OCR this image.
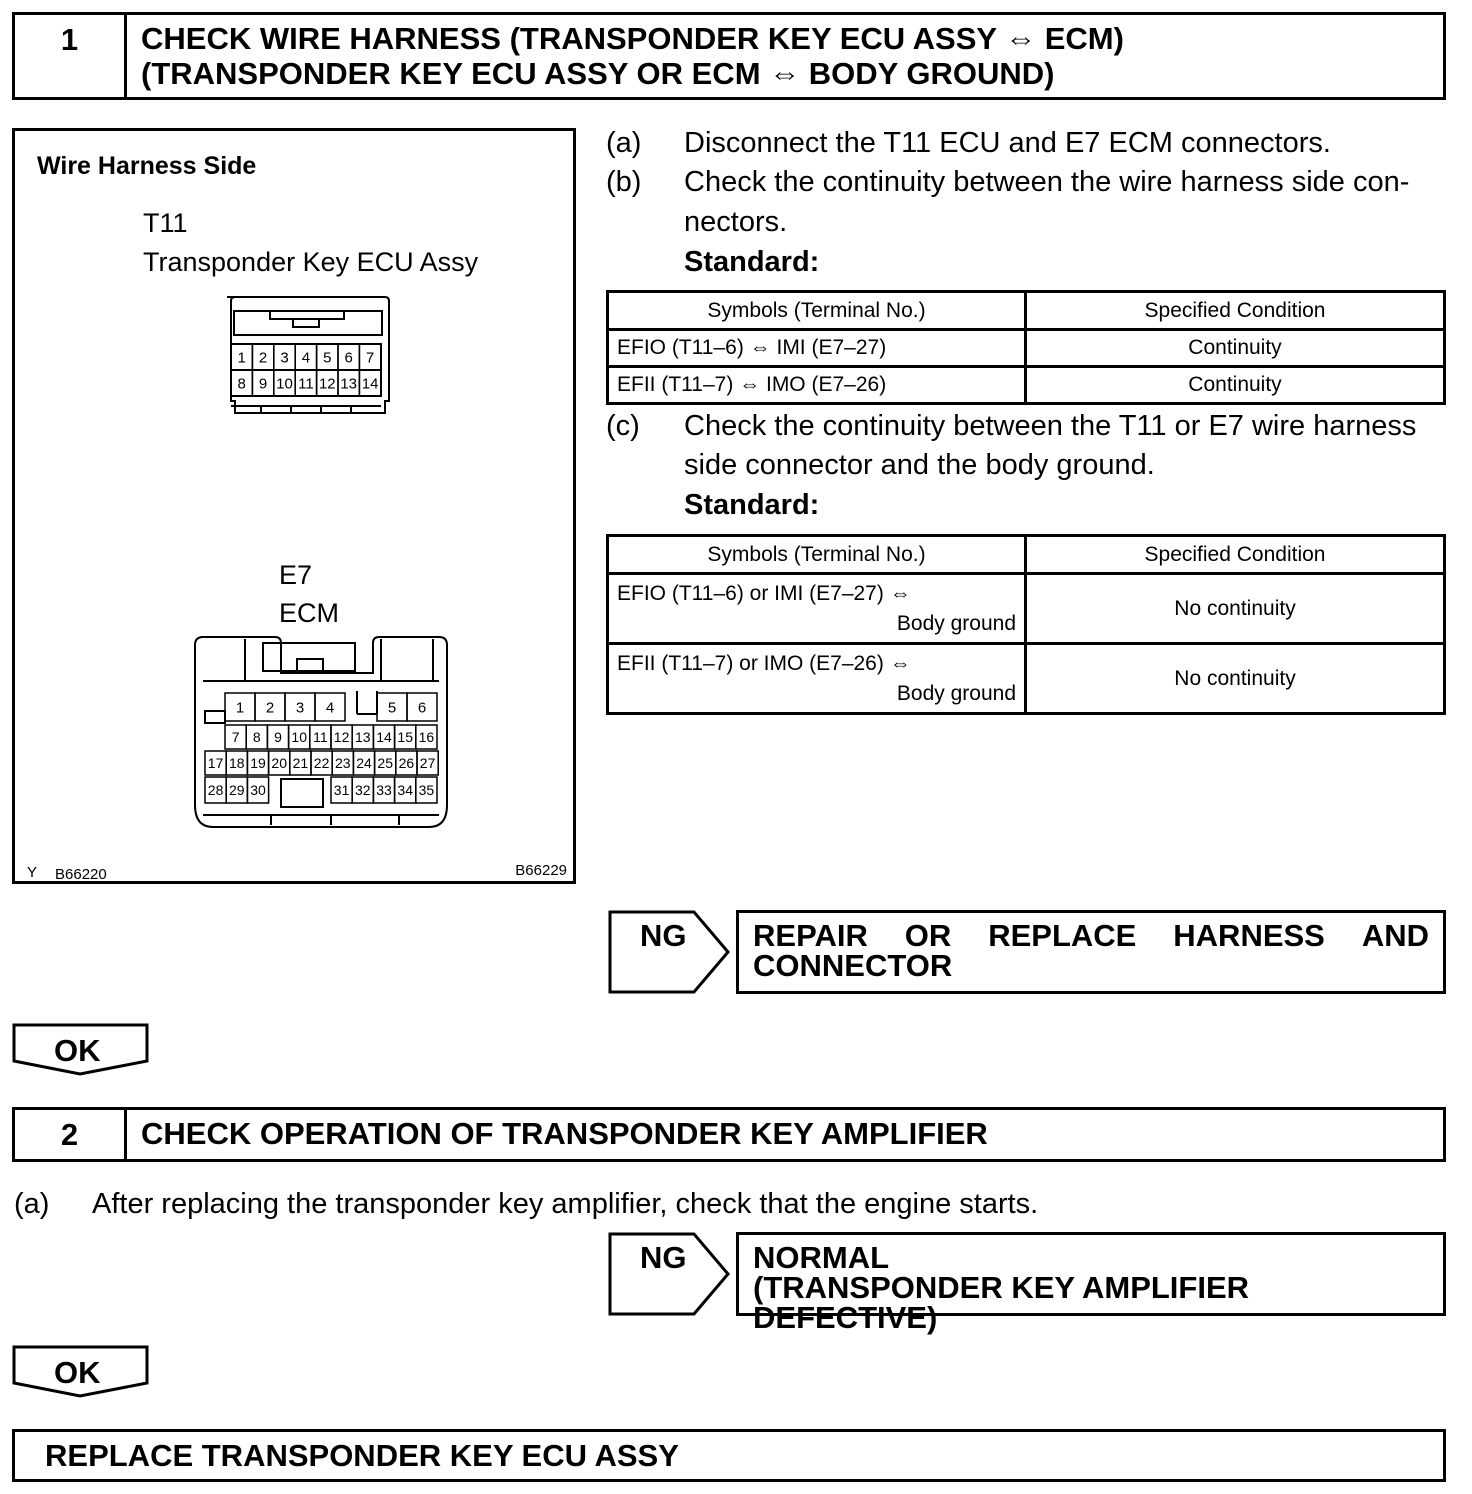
1	CHECK WIRE HARNESS (TRANSPONDER KEY ECU ASSY ⇔ ECM)
(TRANSPONDER KEY ECU ASSY OR ECM ⇔ BODY GROUND)
Wire Harness Side
T11
Transponder Key ECU Assy
1 2 3 4 5 6 7
8 9 10 11 12 13 14
E7
ECM
1 2 3 4	5 6
7 8 9 10 11 12 13 14 15 16
17 18 19 20 21 22 23 24 25 26 27
28 29 30	31 32 33 34 35
Y B66220	B66229
(a) Disconnect the T11 ECU and E7 ECM connectors.
(b) Check the continuity between the wire harness side con-
nectors.
Standard:
Symbols (Terminal No.)	Specified Condition
EFIO (T11–6) ⇔ IMI (E7–27)	Continuity
EFII (T11–7) ⇔ IMO (E7–26)	Continuity
(c) Check the continuity between the T11 or E7 wire harness
side connector and the body ground.
Standard:
Symbols (Terminal No.)	Specified Condition

EFIO (T11–6) or IMI (E7–27) ⇔
Body ground	No continuity

EFII (T11–7) or IMO (E7–26) ⇔
Body ground	No continuity
NG REPAIR OR REPLACE HARNESS AND
CONNECTOR
OK
2	CHECK OPERATION OF TRANSPONDER KEY AMPLIFIER
(a) After replacing the transponder key amplifier, check that the engine starts.
NG NORMAL
(TRANSPONDER KEY AMPLIFIER DEFECTIVE)
OK
REPLACE TRANSPONDER KEY ECU ASSY
